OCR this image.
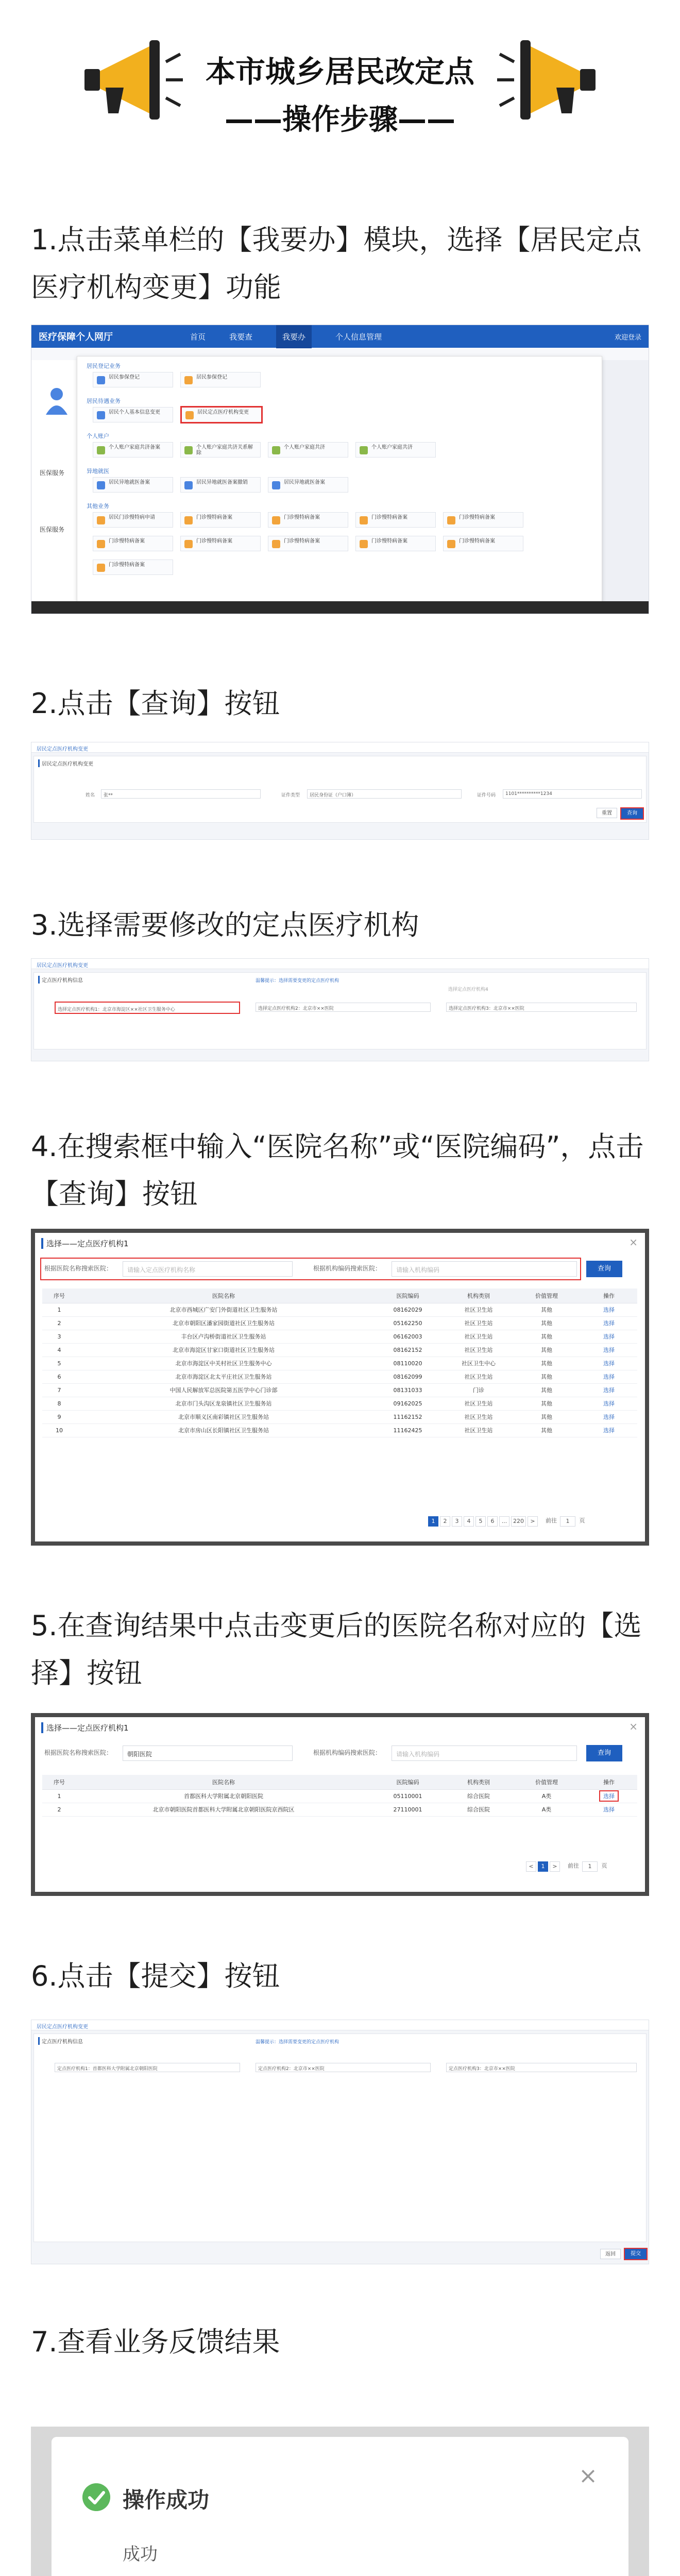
本市城乡居民改定点
——操作步骤——
1.点击菜单栏的【我要办】模块，选择【居民定点医疗机构变更】功能
医疗保障个人网厅	首页	我要查	我要办	个人信息管理	欢迎登录
医保服务
医保服务
居民登记业务
居民参保登记	居民参保登记
居民待遇业务
居民个人基本信息变更	居民定点医疗机构变更
个人账户
个人账户家庭共济备案	个人账户家庭共济关系解除
个人账户家庭共济	个人账户家庭共济
异地就医
居民异地就医备案	居民异地就医备案撤销	居民异地就医备案
其他业务
居民门诊慢特病申请	门诊慢特病备案	门诊慢特病备案	门诊慢特病备案	门诊慢特病备案
门诊慢特病备案	门诊慢特病备案	门诊慢特病备案	门诊慢特病备案	门诊慢特病备案
门诊慢特病备案
2.点击【查询】按钮
居民定点医疗机构变更
居民定点医疗机构变更
姓名	张**	证件类型	居民身份证（户口簿）	证件号码	1101**********1234
重置	查询
3.选择需要修改的定点医疗机构
居民定点医疗机构变更
定点医疗机构信息	温馨提示：选择需要变更的定点医疗机构
选择定点医疗机构1：北京市海淀区××社区卫生服务中心	选择定点医疗机构2：北京市××医院	选择定点医疗机构3：北京市××医院
选择定点医疗机构4
4.在搜索框中输入“医院名称”或“医院编码”，点击【查询】按钮
选择——定点医疗机构1	×
根据医院名称搜索医院：	请输入定点医疗机构名称	根据机构编码搜索医院：	请输入机构编码	查询
序号	医院名称	医院编码	机构类别	价值管理	操作
1	北京市西城区广安门外街道社区卫生服务站	08162029	社区卫生站	其他	选择
2	北京市朝阳区潘家园街道社区卫生服务站	05162250	社区卫生站	其他	选择
3	丰台区卢沟桥街道社区卫生服务站	06162003	社区卫生站	其他	选择
4	北京市海淀区甘家口街道社区卫生服务站	08162152	社区卫生站	其他	选择
5	北京市海淀区中关村社区卫生服务中心	08110020	社区卫生中心	其他	选择
6	北京市海淀区北太平庄社区卫生服务站	08162099	社区卫生站	其他	选择
7	中国人民解放军总医院第五医学中心门诊部	08131033	门诊	其他	选择
8	北京市门头沟区龙泉镇社区卫生服务站	09162025	社区卫生站	其他	选择
9	北京市顺义区南彩镇社区卫生服务站	11162152	社区卫生站	其他	选择
10	北京市房山区长阳镇社区卫生服务站	11162425	社区卫生站	其他	选择
1	2	3	4	5	6	...	220	>	前往	1	页
5.在查询结果中点击变更后的医院名称对应的【选择】按钮
选择——定点医疗机构1	×
根据医院名称搜索医院：	朝阳医院	根据机构编码搜索医院：	请输入机构编码	查询
序号	医院名称	医院编码	机构类别	价值管理	操作
1	首都医科大学附属北京朝阳医院	05110001	综合医院	A类	选择
2	北京市朝阳医院首都医科大学附属北京朝阳医院京西院区	27110001	综合医院	A类	选择
<	1	>	前往	1	页
6.点击【提交】按钮
居民定点医疗机构变更
定点医疗机构信息	温馨提示：选择需要变更的定点医疗机构
定点医疗机构1：首都医科大学附属北京朝阳医院	定点医疗机构2：北京市××医院	定点医疗机构3：北京市××医院
返回	提交
7.查看业务反馈结果
操作成功
成功
×
